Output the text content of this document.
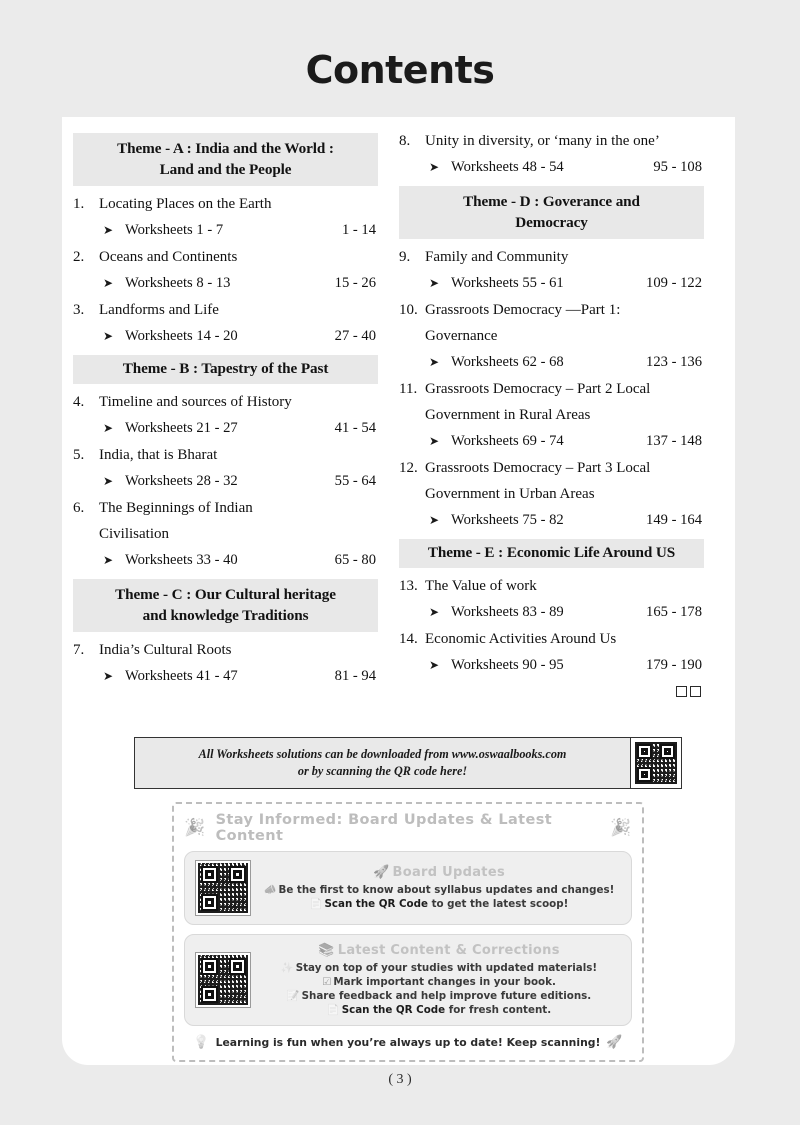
Contents
Theme - A : India and the World :
Land and the People
1. Locating Places on the Earth
➤ Worksheets 1 - 7	1 - 14
2. Oceans and Continents
➤ Worksheets 8 - 13	15 - 26
3. Landforms and Life
➤ Worksheets 14 - 20	27 - 40
Theme - B : Tapestry of the Past
4. Timeline and sources of History
➤ Worksheets 21 - 27	41 - 54
5. India, that is Bharat
➤ Worksheets 28 - 32	55 - 64
6. The Beginnings of Indian
Civilisation
➤ Worksheets 33 - 40	65 - 80
Theme - C : Our Cultural heritage
and knowledge Traditions
7. India’s Cultural Roots
➤ Worksheets 41 - 47	81 - 94
8. Unity in diversity, or ‘many in the one’
➤ Worksheets 48 - 54	95 - 108
Theme - D : Goverance and
Democracy
9. Family and Community
➤ Worksheets 55 - 61	109 - 122
10. Grassroots Democracy —Part 1:
Governance
➤ Worksheets 62 - 68	123 - 136
11. Grassroots Democracy – Part 2 Local
Government in Rural Areas
➤ Worksheets 69 - 74	137 - 148
12. Grassroots Democracy – Part 3 Local
Government in Urban Areas
➤ Worksheets 75 - 82	149 - 164
Theme - E : Economic Life Around US
13. The Value of work
➤ Worksheets 83 - 89	165 - 178
14. Economic Activities Around Us
➤ Worksheets 90 - 95	179 - 190
All Worksheets solutions can be downloaded from www.oswaalbooks.com
or by scanning the QR code here!
🎉 Stay Informed: Board Updates & Latest Content	🎉
🚀 Board Updates
📣 Be the first to know about syllabus updates and changes!
📄 Scan the QR Code to get the latest scoop!
📚 Latest Content & Corrections
✨ Stay on top of your studies with updated materials!
☑ Mark important changes in your book.
📝 Share feedback and help improve future editions.
📄 Scan the QR Code for fresh content.
💡 Learning is fun when you’re always up to date! Keep scanning! 🚀
( 3 )
